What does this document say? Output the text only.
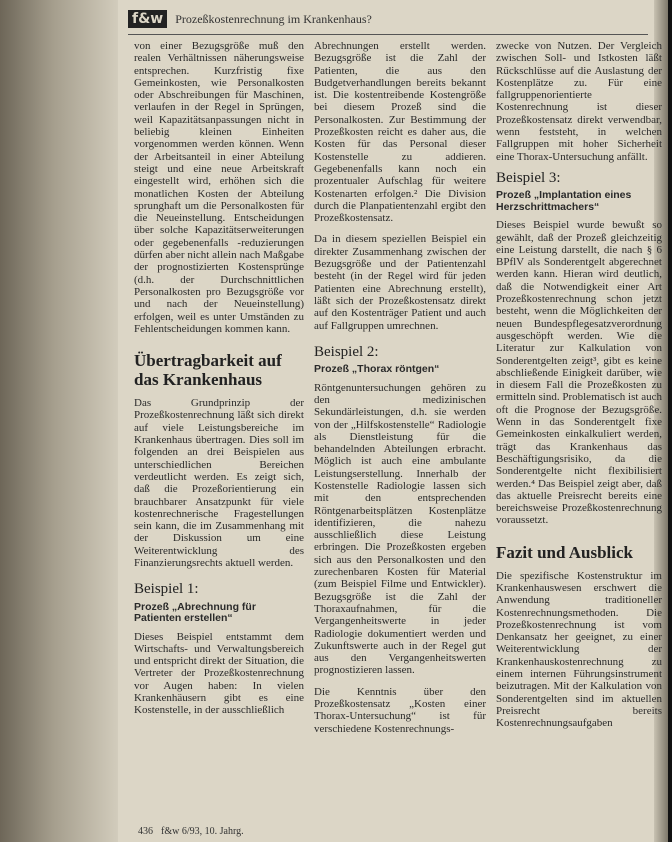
f&w	Prozeßkostenrechnung im Krankenhaus?

von einer Bezugsgröße muß den realen Verhältnissen näherungsweise entsprechen. Kurzfristig fixe Gemeinkosten, wie Personalkosten oder Abschreibungen für Maschinen, verlaufen in der Regel in Sprüngen, weil Kapazitätsanpassungen nicht in beliebig kleinen Einheiten vorgenommen werden können. Wenn der Arbeitsanteil in einer Abteilung steigt und eine neue Arbeitskraft eingestellt wird, erhöhen sich die monatlichen Kosten der Abteilung sprunghaft um die Personalkosten für die Neueinstellung. Entscheidungen über solche Kapazitätserweiterungen oder gegebenenfalls -reduzierungen dürfen aber nicht allein nach Maßgabe der prognostizierten Kostensprünge (d.h. der Durchschnittlichen Personalkosten pro Bezugsgröße vor und nach der Neueinstellung) erfolgen, weil es unter Umständen zu Fehlentscheidungen kommen kann.

Übertragbarkeit auf das Krankenhaus

Das Grundprinzip der Prozeßkostenrechnung läßt sich direkt auf viele Leistungsbereiche im Krankenhaus übertragen. Dies soll im folgenden an drei Beispielen aus unterschiedlichen Bereichen verdeutlicht werden. Es zeigt sich, daß die Prozeßorientierung ein brauchbarer Ansatzpunkt für viele kostenrechnerische Fragestellungen sein kann, die im Zusammenhang mit der Diskussion um eine Weiterentwicklung des Finanzierungsrechts aktuell werden.

Beispiel 1:
Prozeß „Abrechnung für Patienten erstellen“

Dieses Beispiel entstammt dem Wirtschafts- und Verwaltungsbereich und entspricht direkt der Situation, die Vertreter der Prozeßkostenrechnung vor Augen haben: In vielen Krankenhäusern gibt es eine Kostenstelle, in der ausschließlich

Abrechnungen erstellt werden. Bezugsgröße ist die Zahl der Patienten, die aus den Budgetverhandlungen bereits bekannt ist. Die kostentreibende Kostengröße bei diesem Prozeß sind die Personalkosten. Zur Bestimmung der Prozeßkosten reicht es daher aus, die Kosten für das Personal dieser Kostenstelle zu addieren. Gegebenenfalls kann noch ein prozentualer Aufschlag für weitere Kostenarten erfolgen.² Die Division durch die Planpatientenzahl ergibt den Prozeßkostensatz.

Da in diesem speziellen Beispiel ein direkter Zusammenhang zwischen der Bezugsgröße und der Patientenzahl besteht (in der Regel wird für jeden Patienten eine Abrechnung erstellt), läßt sich der Prozeßkostensatz direkt auf den Kostenträger Patient und auch auf Fallgruppen umrechnen.

Beispiel 2:
Prozeß „Thorax röntgen“

Röntgenuntersuchungen gehören zu den medizinischen Sekundärleistungen, d.h. sie werden von der „Hilfskostenstelle“ Radiologie als Dienstleistung für die behandelnden Abteilungen erbracht. Möglich ist auch eine ambulante Leistungserstellung. Innerhalb der Kostenstelle Radiologie lassen sich mit den entsprechenden Röntgenarbeitsplätzen Kostenplätze identifizieren, die nahezu ausschließlich diese Leistung erbringen. Die Prozeßkosten ergeben sich aus den Personalkosten und den zurechenbaren Kosten für Material (zum Beispiel Filme und Entwickler). Bezugsgröße ist die Zahl der Thoraxaufnahmen, für die Vergangenheitswerte in jeder Radiologie dokumentiert werden und Zukunftswerte auch in der Regel gut aus den Vergangenheitswerten prognostizieren lassen.

Die Kenntnis über den Prozeßkostensatz „Kosten einer Thorax-Untersuchung“ ist für verschiedene Kostenrechnungs-

zwecke von Nutzen. Der Vergleich zwischen Soll- und Istkosten läßt Rückschlüsse auf die Auslastung der Kostenplätze zu. Für eine fallgruppenorientierte Kostenrechnung ist dieser Prozeßkostensatz direkt verwendbar, wenn feststeht, in welchen Fallgruppen mit hoher Sicherheit eine Thorax-Untersuchung anfällt.

Beispiel 3:
Prozeß „Implantation eines Herzschrittmachers“

Dieses Beispiel wurde bewußt so gewählt, daß der Prozeß gleichzeitig eine Leistung darstellt, die nach § 6 BPflV als Sonderentgelt abgerechnet werden kann. Hieran wird deutlich, daß die Notwendigkeit einer Art Prozeßkostenrechnung schon jetzt besteht, wenn die Möglichkeiten der neuen Bundespflegesatzverordnung ausgeschöpft werden. Wie die Literatur zur Kalkulation von Sonderentgelten zeigt³, gibt es keine abschließende Einigkeit darüber, wie in diesem Fall die Prozeßkosten zu ermitteln sind. Problematisch ist auch oft die Prognose der Bezugsgröße. Wenn in das Sonderentgelt fixe Gemeinkosten einkalkuliert werden, trägt das Krankenhaus das Beschäftigungsrisiko, da die Sonderentgelte nicht flexibilisiert werden.⁴ Das Beispiel zeigt aber, daß das aktuelle Preisrecht bereits eine bereichsweise Prozeßkostenrechnung voraussetzt.

Fazit und Ausblick

Die spezifische Kostenstruktur im Krankenhauswesen erschwert die Anwendung traditioneller Kostenrechnungsmethoden. Die Prozeßkostenrechnung ist vom Denkansatz her geeignet, zu einer Weiterentwicklung der Krankenhauskostenrechnung zu einem internen Führungsinstrument beizutragen. Mit der Kalkulation von Sonderentgelten sind im aktuellen Preisrecht bereits Kostenrechnungsaufgaben

436 f&w 6/93, 10. Jahrg.
